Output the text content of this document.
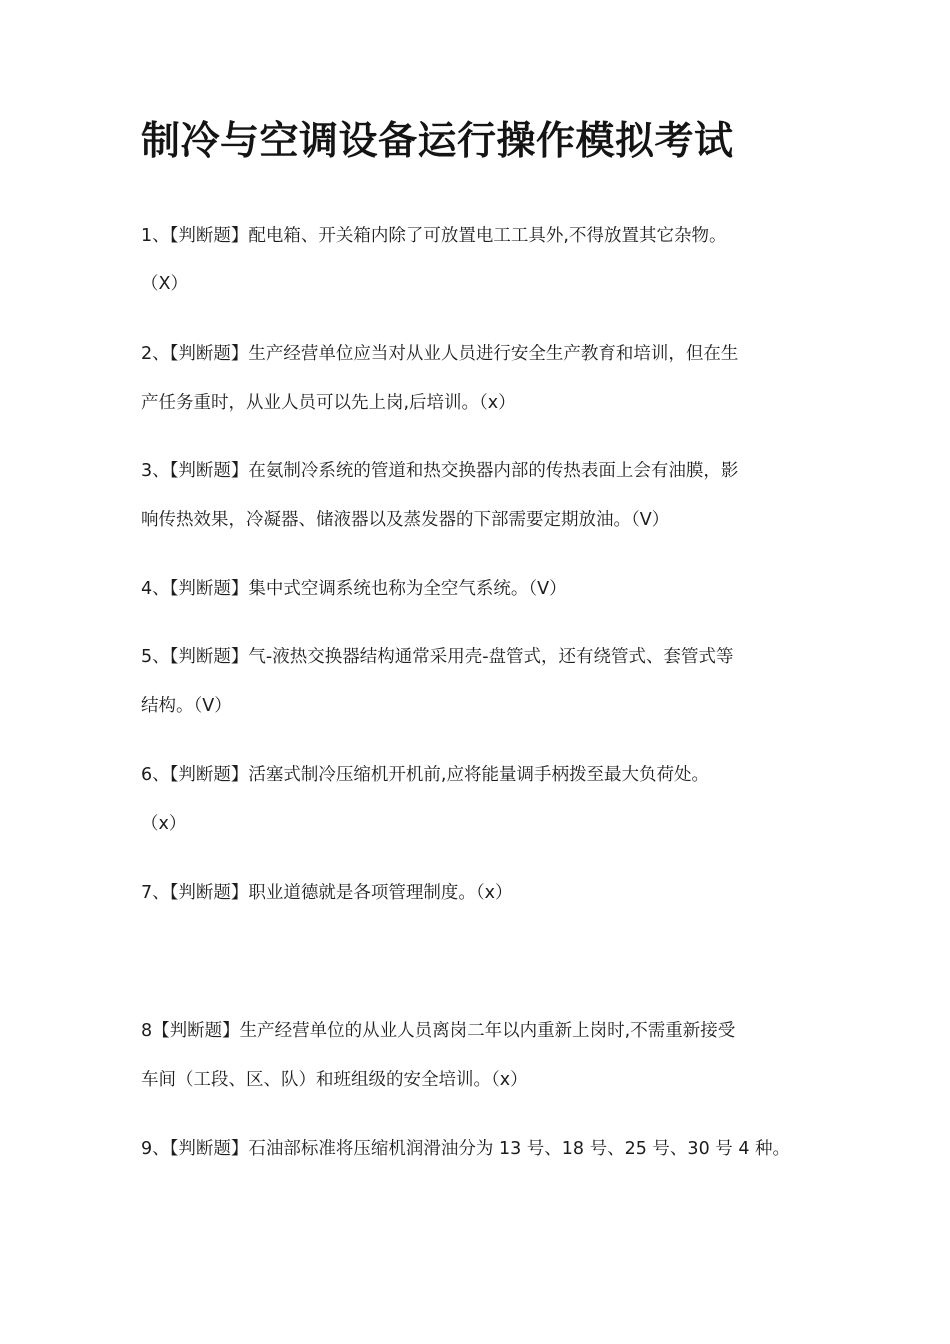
制冷与空调设备运行操作模拟考试

1、【判断题】配电箱、开关箱内除了可放置电工工具外,不得放置其它杂物。

（X）

2、【判断题】生产经营单位应当对从业人员进行安全生产教育和培训，但在生

产任务重时，从业人员可以先上岗,后培训。（x）

3、【判断题】在氨制冷系统的管道和热交换器内部的传热表面上会有油膜，影

响传热效果，冷凝器、储液器以及蒸发器的下部需要定期放油。（V）

4、【判断题】集中式空调系统也称为全空气系统。（V）

5、【判断题】气-液热交换器结构通常采用壳-盘管式，还有绕管式、套管式等

结构。（V）

6、【判断题】活塞式制冷压缩机开机前,应将能量调手柄拨至最大负荷处。

（x）

7、【判断题】职业道德就是各项管理制度。（x）

8【判断题】生产经营单位的从业人员离岗二年以内重新上岗时,不需重新接受

车间（工段、区、队）和班组级的安全培训。（x）

9、【判断题】石油部标准将压缩机润滑油分为 13 号、18 号、25 号、30 号 4 种。
